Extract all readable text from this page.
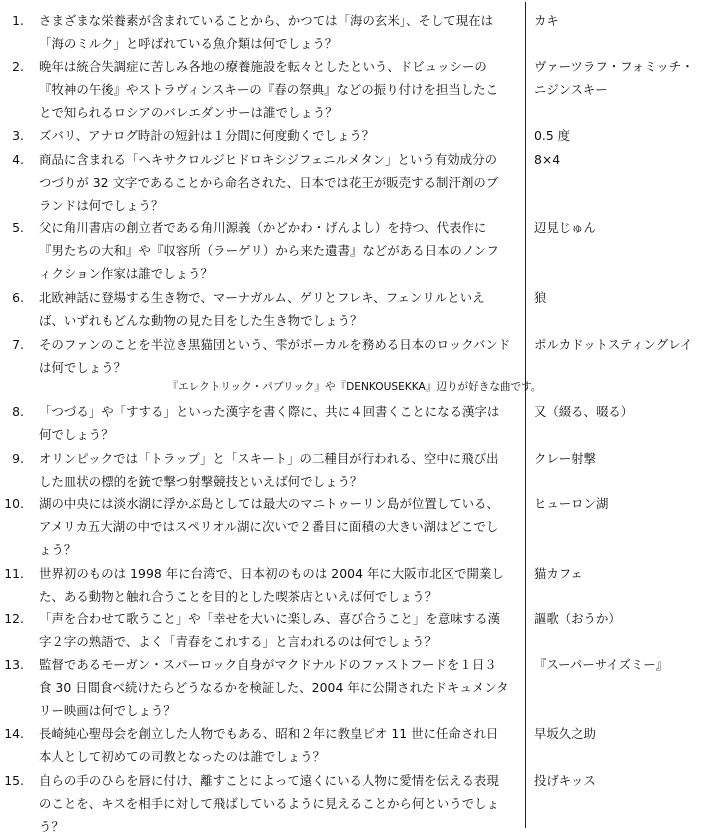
1. さまざまな栄養素が含まれていることから、かつては「海の玄米」、そして現在は
「海のミルク」と呼ばれている魚介類は何でしょう？
カキ
2. 晩年は統合失調症に苦しみ各地の療養施設を転々としたという、ドビュッシーの
『牧神の午後』やストラヴィンスキーの『春の祭典』などの振り付けを担当したこ
とで知られるロシアのバレエダンサーは誰でしょう？
ヴァーツラフ・フォミッチ・
ニジンスキー
3. ズバリ、アナログ時計の短針は１分間に何度動くでしょう？	0.5 度
4. 商品に含まれる「ヘキサクロルジヒドロキシジフェニルメタン」という有効成分の
つづりが 32 文字であることから命名された、日本では花王が販売する制汗剤のブ
ランドは何でしょう？
8×4
5. 父に角川書店の創立者である角川源義（かどかわ・げんよし）を持つ、代表作に
『男たちの大和』や『収容所（ラーゲリ）から来た遺書』などがある日本のノンフ
ィクション作家は誰でしょう？
辺見じゅん
6. 北欧神話に登場する生き物で、マーナガルム、ゲリとフレキ、フェンリルといえ
ば、いずれもどんな動物の見た目をした生き物でしょう？
狼
7. そのファンのことを半泣き黒猫団という、雫がボーカルを務める日本のロックバンド
は何でしょう？
ポルカドットスティングレイ
8. 「つづる」や「すする」といった漢字を書く際に、共に４回書くことになる漢字は
何でしょう？
又（綴る、啜る）
9. オリンピックでは「トラップ」と「スキート」の二種目が行われる、空中に飛び出
した皿状の標的を銃で撃つ射撃競技といえば何でしょう？
クレー射撃
10. 湖の中央には淡水湖に浮かぶ島としては最大のマニトゥーリン島が位置している、
アメリカ五大湖の中ではスペリオル湖に次いで２番目に面積の大きい湖はどこでし
ょう？
ヒューロン湖
11. 世界初のものは 1998 年に台湾で、日本初のものは 2004 年に大阪市北区で開業し
た、ある動物と触れ合うことを目的とした喫茶店といえば何でしょう？
猫カフェ
12. 「声を合わせて歌うこと」や「幸せを大いに楽しみ、喜び合うこと」を意味する漢
字２字の熟語で、よく「青春をこれする」と言われるのは何でしょう？
謳歌（おうか）
13. 監督であるモーガン・スパーロック自身がマクドナルドのファストフードを１日３
食 30 日間食べ続けたらどうなるかを検証した、2004 年に公開されたドキュメンタ
リー映画は何でしょう？
『スーパーサイズミー』
14. 長崎純心聖母会を創立した人物でもある、昭和２年に教皇ピオ 11 世に任命され日
本人として初めての司教となったのは誰でしょう？
早坂久之助
15. 自らの手のひらを唇に付け、離すことによって遠くにいる人物に愛情を伝える表現
のことを、キスを相手に対して飛ばしているように見えることから何というでしょ
う？
投げキッス
『エレクトリック・パブリック』や『DENKOUSEKKA』辺りが好きな曲です。
